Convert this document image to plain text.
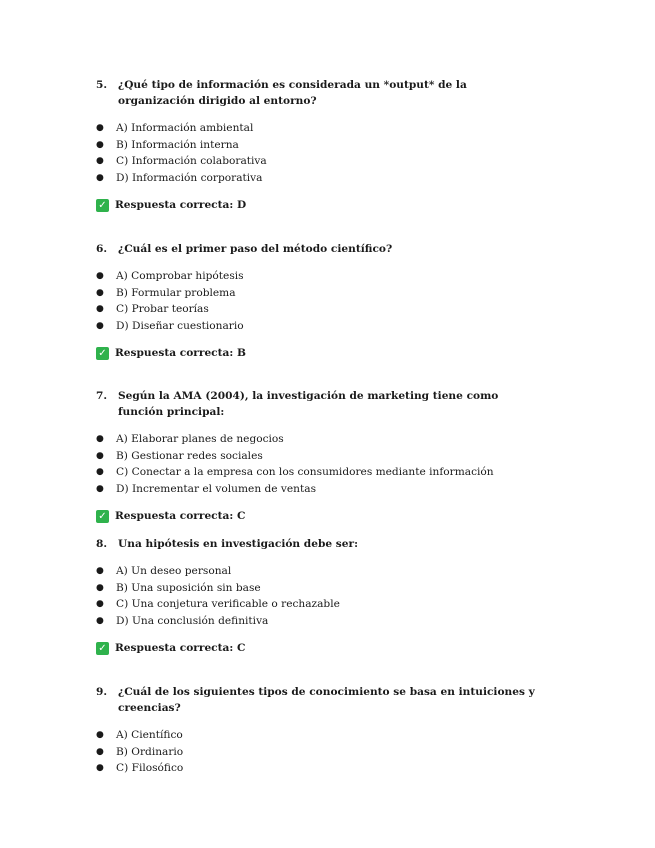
5.	¿Qué tipo de información es considerada un *output* de la organización dirigido al entorno?

●	A) Información ambiental
●	B) Información interna
●	C) Información colaborativa
●	D) Información corporativa
✓ Respuesta correcta: D

6.	¿Cuál es el primer paso del método científico?

●	A) Comprobar hipótesis
●	B) Formular problema
●	C) Probar teorías
●	D) Diseñar cuestionario
✓ Respuesta correcta: B

7.	Según la AMA (2004), la investigación de marketing tiene como función principal:

●	A) Elaborar planes de negocios
●	B) Gestionar redes sociales
●	C) Conectar a la empresa con los consumidores mediante información
●	D) Incrementar el volumen de ventas
✓ Respuesta correcta: C

8.	Una hipótesis en investigación debe ser:

●	A) Un deseo personal
●	B) Una suposición sin base
●	C) Una conjetura verificable o rechazable
●	D) Una conclusión definitiva
✓ Respuesta correcta: C

9.	¿Cuál de los siguientes tipos de conocimiento se basa en intuiciones y creencias?

●	A) Científico
●	B) Ordinario
●	C) Filosófico
